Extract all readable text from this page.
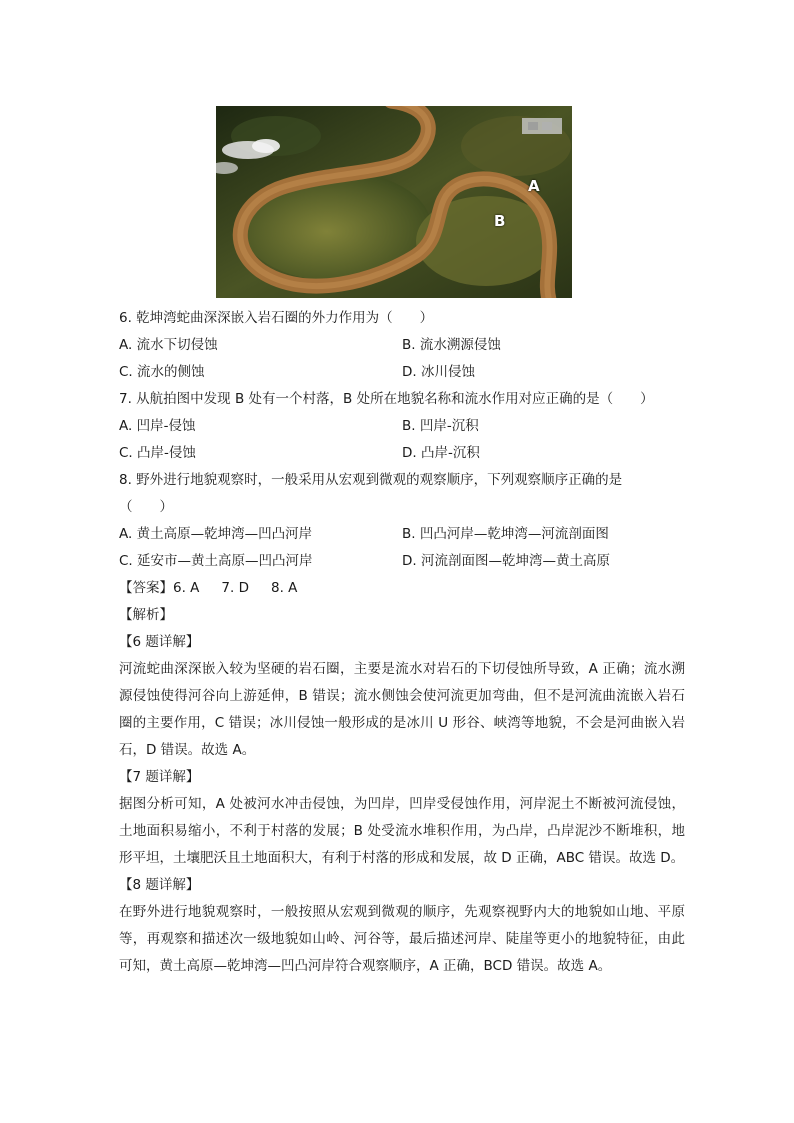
A
B
6. 乾坤湾蛇曲深深嵌入岩石圈的外力作用为（　　）
A. 流水下切侵蚀	B. 流水溯源侵蚀
C. 流水的侧蚀	D. 冰川侵蚀
7. 从航拍图中发现 B 处有一个村落，B 处所在地貌名称和流水作用对应正确的是（　　）
A. 凹岸-侵蚀	B. 凹岸-沉积
C. 凸岸-侵蚀	D. 凸岸-沉积
8. 野外进行地貌观察时，一般采用从宏观到微观的观察顺序，下列观察顺序正确的是
（　　）
A. 黄土高原—乾坤湾—凹凸河岸	B. 凹凸河岸—乾坤湾—河流剖面图
C. 延安市—黄土高原—凹凸河岸	D. 河流剖面图—乾坤湾—黄土高原
【答案】6. A 7. D 8. A
【解析】
【6 题详解】
河流蛇曲深深嵌入较为坚硬的岩石圈，主要是流水对岩石的下切侵蚀所导致，A 正确；流水溯源侵蚀使得河谷向上游延伸，B 错误；流水侧蚀会使河流更加弯曲，但不是河流曲流嵌入岩石圈的主要作用，C 错误；冰川侵蚀一般形成的是冰川 U 形谷、峡湾等地貌，不会是河曲嵌入岩石，D 错误。故选 A。
【7 题详解】
据图分析可知，A 处被河水冲击侵蚀，为凹岸，凹岸受侵蚀作用，河岸泥土不断被河流侵蚀，土地面积易缩小，不利于村落的发展；B 处受流水堆积作用，为凸岸，凸岸泥沙不断堆积，地形平坦，土壤肥沃且土地面积大，有利于村落的形成和发展，故 D 正确，ABC 错误。故选 D。
【8 题详解】
在野外进行地貌观察时，一般按照从宏观到微观的顺序，先观察视野内大的地貌如山地、平原等，再观察和描述次一级地貌如山岭、河谷等，最后描述河岸、陡崖等更小的地貌特征，由此可知，黄土高原—乾坤湾—凹凸河岸符合观察顺序，A 正确，BCD 错误。故选 A。
